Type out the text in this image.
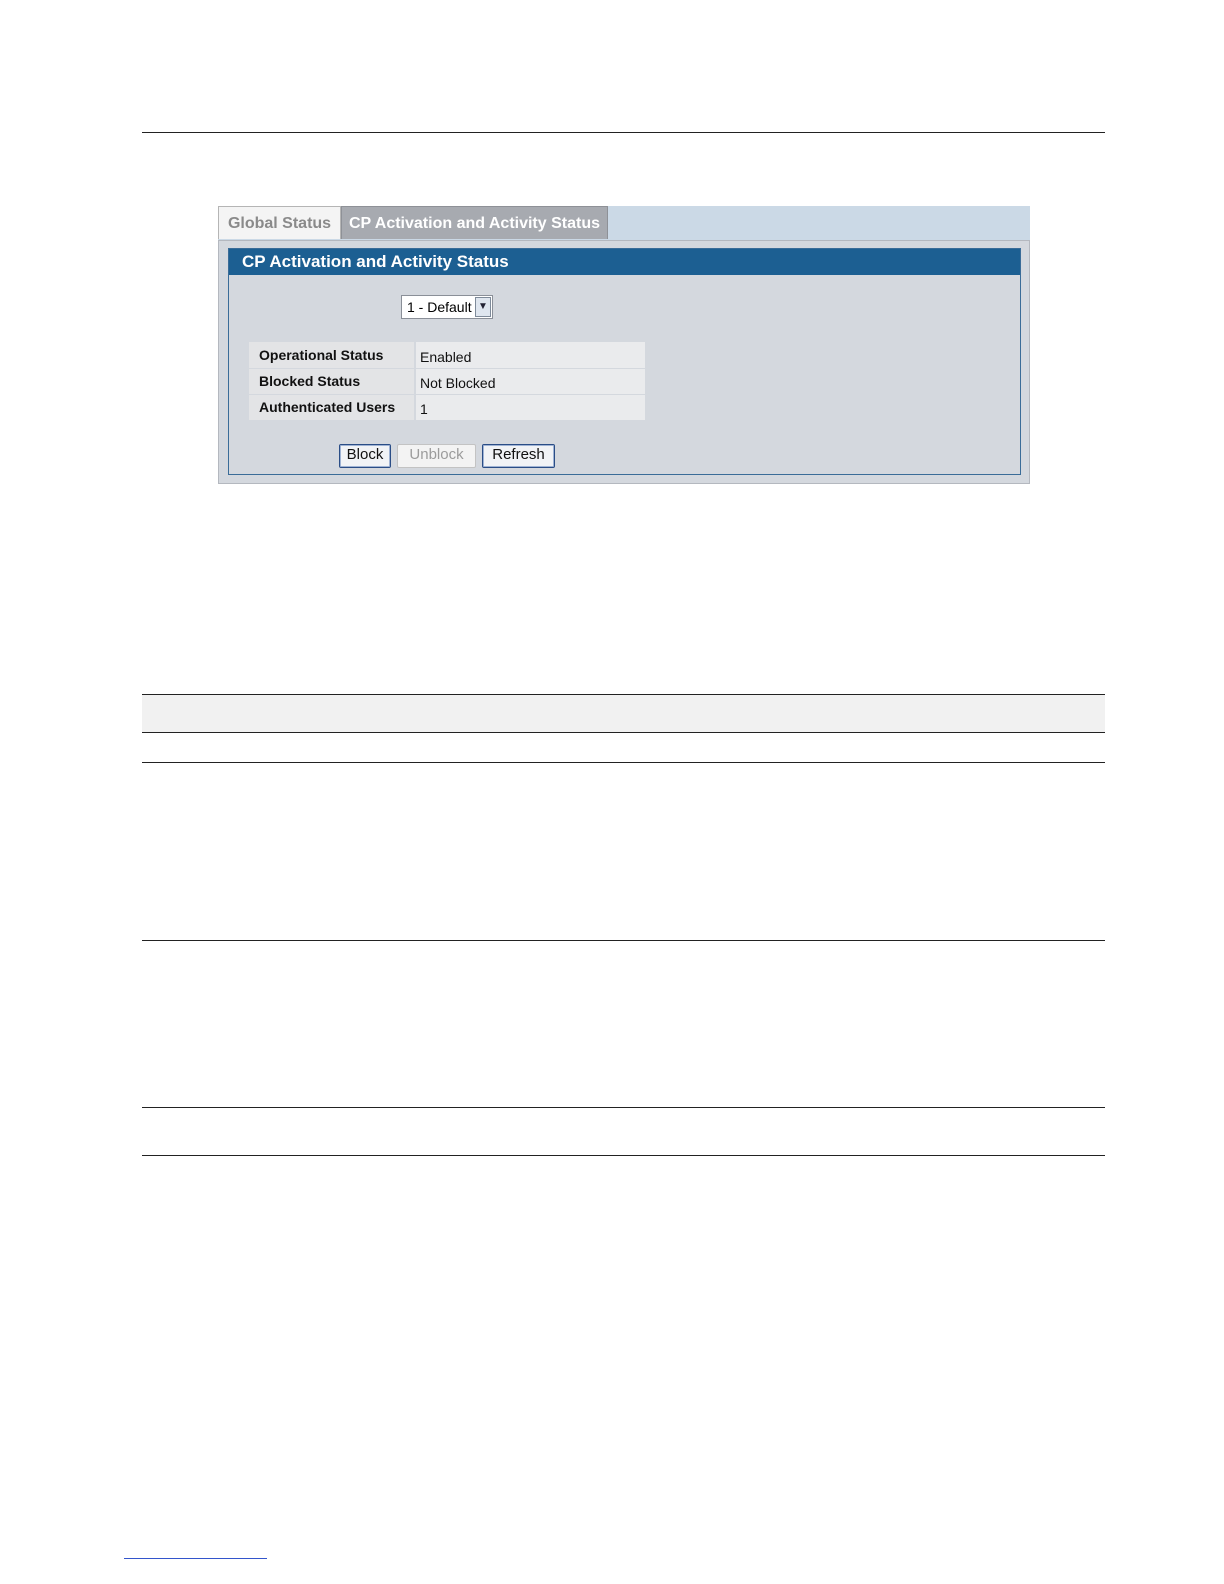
Global Status	CP Activation and Activity Status
CP Activation and Activity Status
1 - Default ▼
Operational Status	Enabled
Blocked Status	Not Blocked
Authenticated Users	1
Block	Unblock	Refresh
